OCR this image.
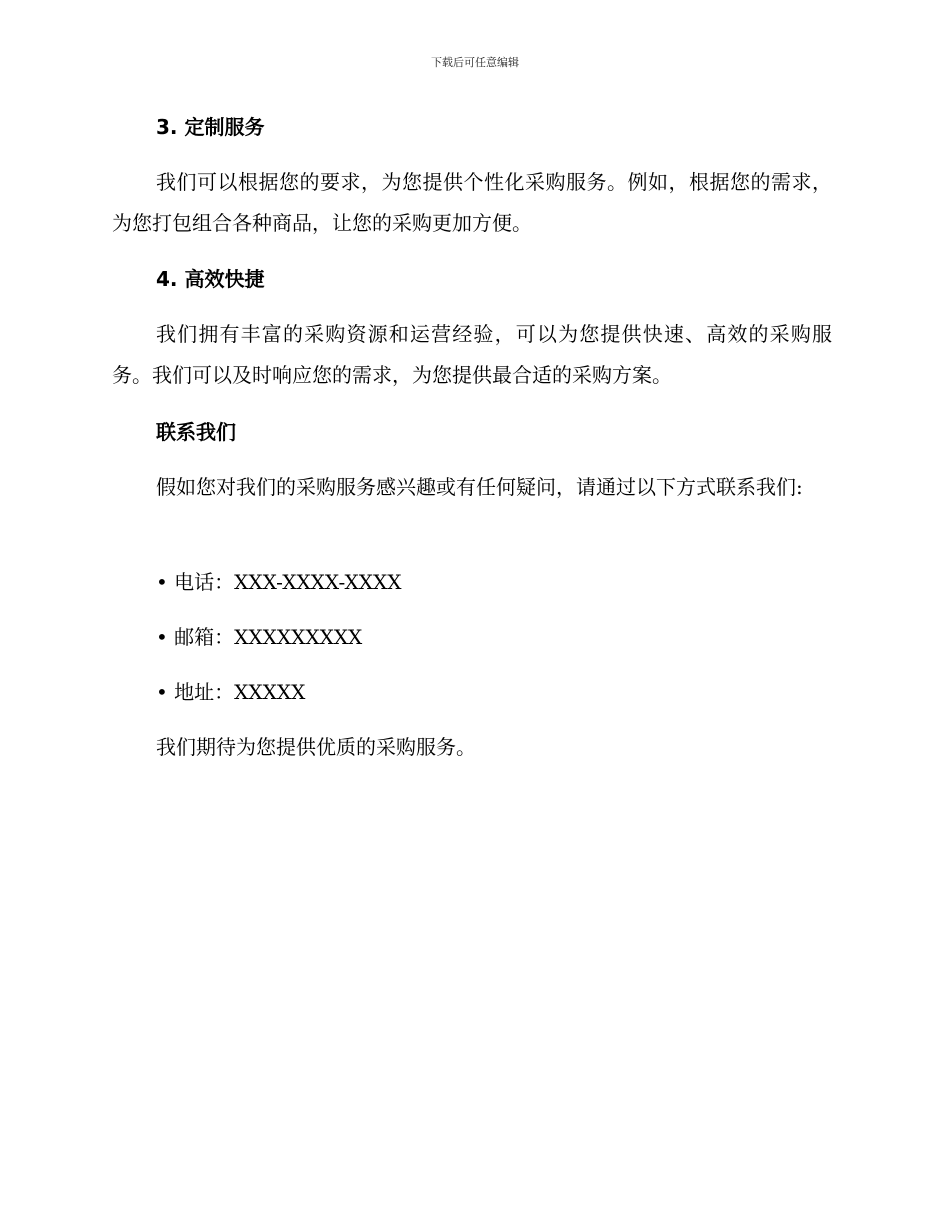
下载后可任意编辑
3. 定制服务
我们可以根据您的要求，为您提供个性化采购服务。例如，根据您的需求，为您打包组合各种商品，让您的采购更加方便。
4. 高效快捷
我们拥有丰富的采购资源和运营经验，可以为您提供快速、高效的采购服务。我们可以及时响应您的需求，为您提供最合适的采购方案。
联系我们
假如您对我们的采购服务感兴趣或有任何疑问，请通过以下方式联系我们:
• 电话：XXX-XXXX-XXXX
• 邮箱：XXXXXXXXX
• 地址：XXXXX
我们期待为您提供优质的采购服务。
